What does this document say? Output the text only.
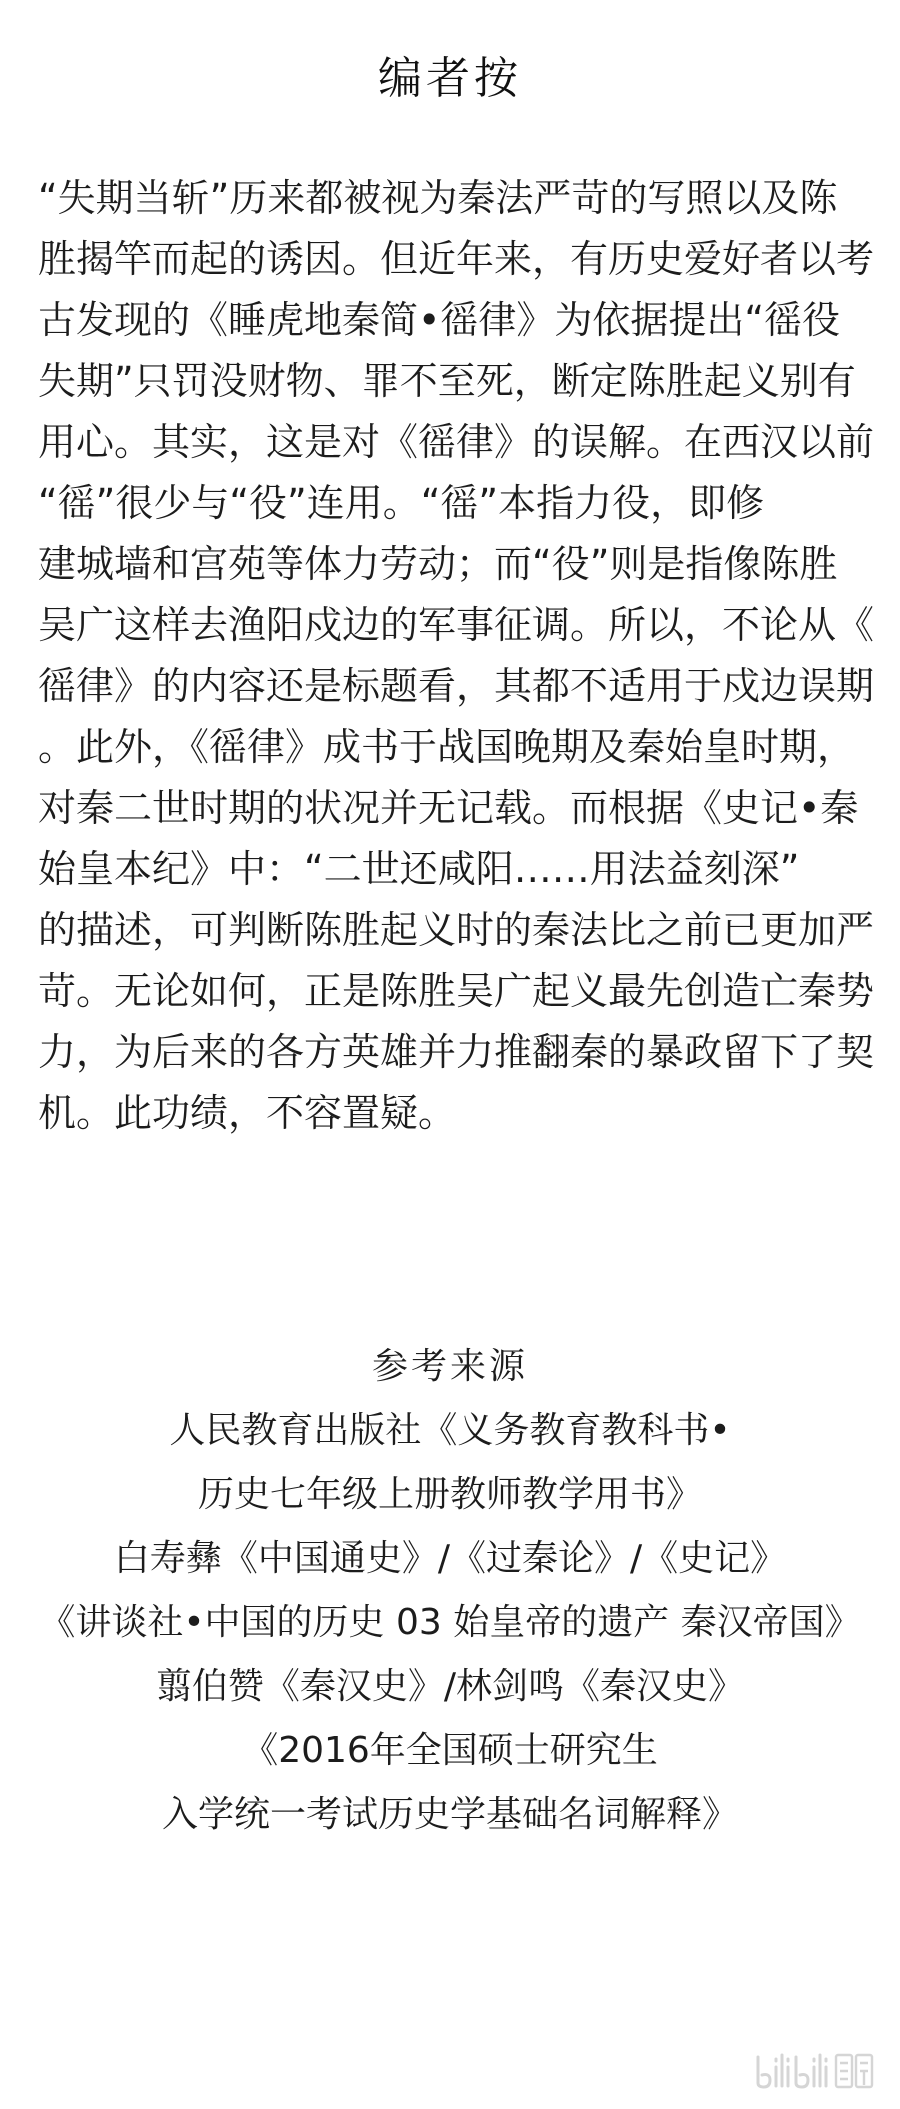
编者按
“失期当斩”历来都被视为秦法严苛的写照以及陈
胜揭竿而起的诱因。但近年来，有历史爱好者以考
古发现的《睡虎地秦简•徭律》为依据提出“徭役
失期”只罚没财物、罪不至死，断定陈胜起义别有
用心。其实，这是对《徭律》的误解。在西汉以前
“徭”很少与“役”连用。“徭”本指力役，即修
建城墙和宫苑等体力劳动；而“役”则是指像陈胜
吴广这样去渔阳戍边的军事征调。所以，不论从《
徭律》的内容还是标题看，其都不适用于戍边误期
。此外，《徭律》成书于战国晚期及秦始皇时期，
对秦二世时期的状况并无记载。而根据《史记•秦
始皇本纪》中：“二世还咸阳……用法益刻深”
的描述，可判断陈胜起义时的秦法比之前已更加严
苛。无论如何，正是陈胜吴广起义最先创造亡秦势
力，为后来的各方英雄并力推翻秦的暴政留下了契
机。此功绩，不容置疑。
参考来源
人民教育出版社《义务教育教科书•
历史七年级上册教师教学用书》
白寿彝《中国通史》/《过秦论》/《史记》
《讲谈社•中国的历史 03 始皇帝的遗产 秦汉帝国》
翦伯赞《秦汉史》/林剑鸣《秦汉史》
《2016年全国硕士研究生
入学统一考试历史学基础名词解释》
